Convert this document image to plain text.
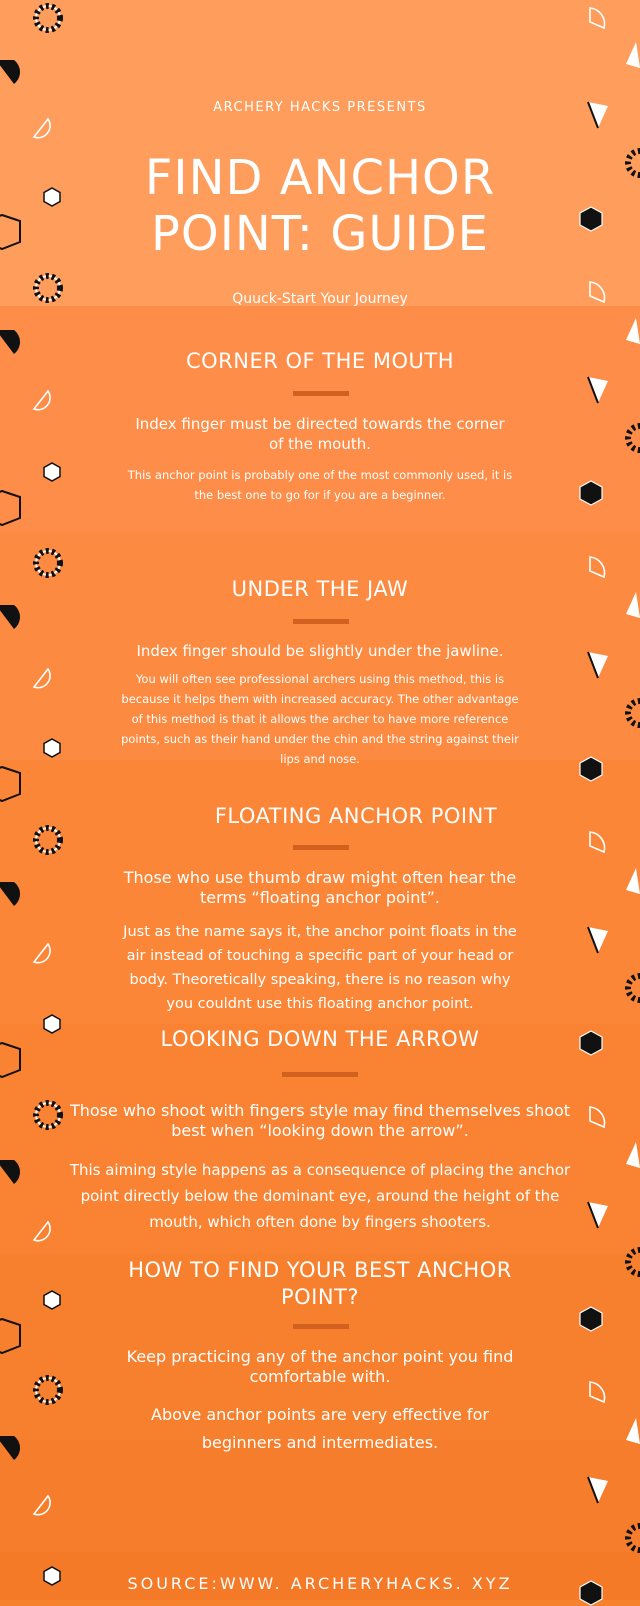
ARCHERY HACKS PRESENTS
FIND ANCHOR
POINT: GUIDE
Quuck-Start Your Journey
CORNER OF THE MOUTH
Index finger must be directed towards the corner
of the mouth.
This anchor point is probably one of the most commonly used, it is
the best one to go for if you are a beginner.
UNDER THE JAW
Index finger should be slightly under the jawline.
You will often see professional archers using this method, this is
because it helps them with increased accuracy. The other advantage
of this method is that it allows the archer to have more reference
points, such as their hand under the chin and the string against their
lips and nose.
FLOATING ANCHOR POINT
Those who use thumb draw might often hear the
terms “floating anchor point”.
Just as the name says it, the anchor point floats in the
air instead of touching a specific part of your head or
body. Theoretically speaking, there is no reason why
you couldnt use this floating anchor point.
LOOKING DOWN THE ARROW
Those who shoot with fingers style may find themselves shoot
best when “looking down the arrow”.
This aiming style happens as a consequence of placing the anchor
point directly below the dominant eye, around the height of the
mouth, which often done by fingers shooters.
HOW TO FIND YOUR BEST ANCHOR
POINT?
Keep practicing any of the anchor point you find
comfortable with.
Above anchor points are very effective for
beginners and intermediates.
SOURCE:WWW. ARCHERYHACKS. XYZ
